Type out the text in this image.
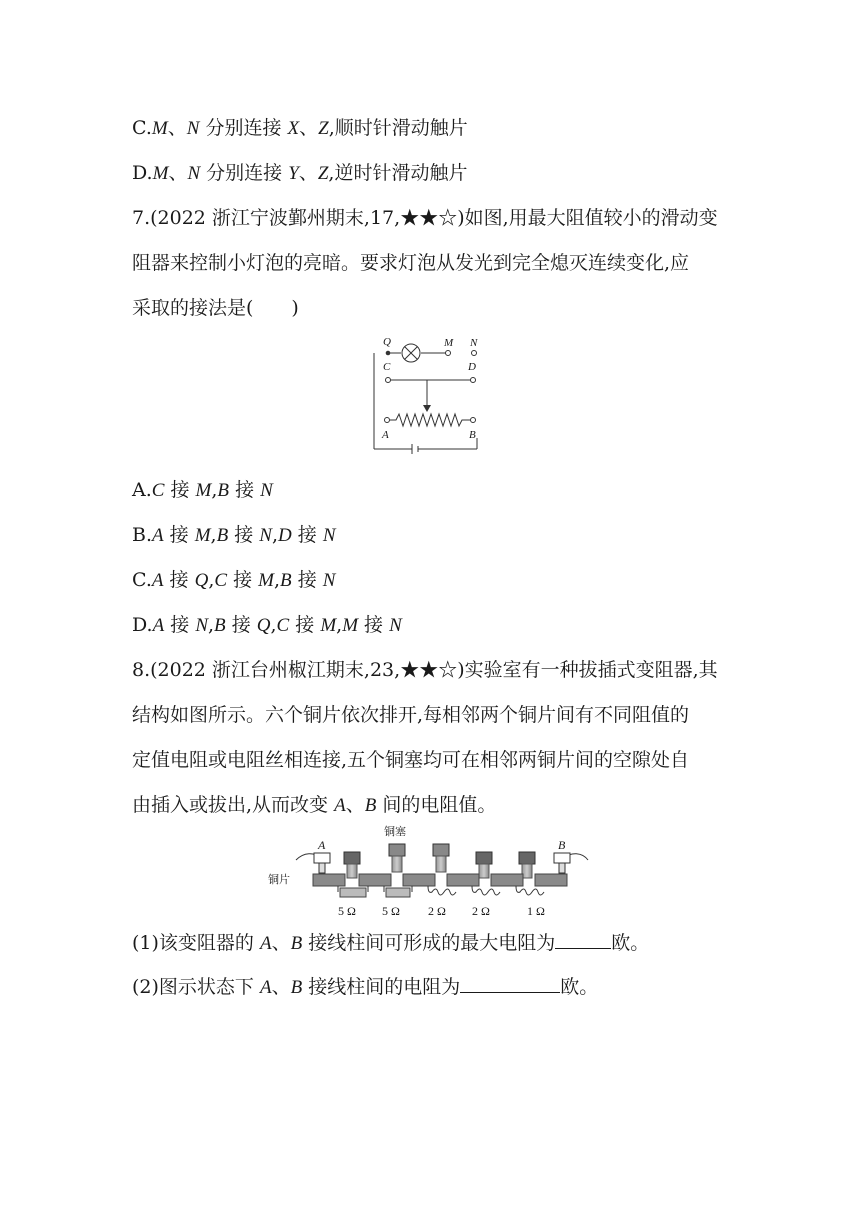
C.M、N 分别连接 X、Z,顺时针滑动触片
D.M、N 分别连接 Y、Z,逆时针滑动触片
7.(2022 浙江宁波鄞州期末,17,★★☆)如图,用最大阻值较小的滑动变
阻器来控制小灯泡的亮暗。要求灯泡从发光到完全熄灭连续变化,应
采取的接法是(　　)
Q	M N
C	D
A	B
A.C 接 M,B 接 N
B.A 接 M,B 接 N,D 接 N
C.A 接 Q,C 接 M,B 接 N
D.A 接 N,B 接 Q,C 接 M,M 接 N
8.(2022 浙江台州椒江期末,23,★★☆)实验室有一种拔插式变阻器,其
结构如图所示。六个铜片依次排开,每相邻两个铜片间有不同阻值的
定值电阻或电阻丝相连接,五个铜塞均可在相邻两铜片间的空隙处自
由插入或拔出,从而改变 A、B 间的电阻值。
铜塞
铜片
A	B
5 Ω 5 Ω 2 Ω 2 Ω	1 Ω
(1)该变阻器的 A、B 接线柱间可形成的最大电阻为	欧。
(2)图示状态下 A、B 接线柱间的电阻为	欧。
